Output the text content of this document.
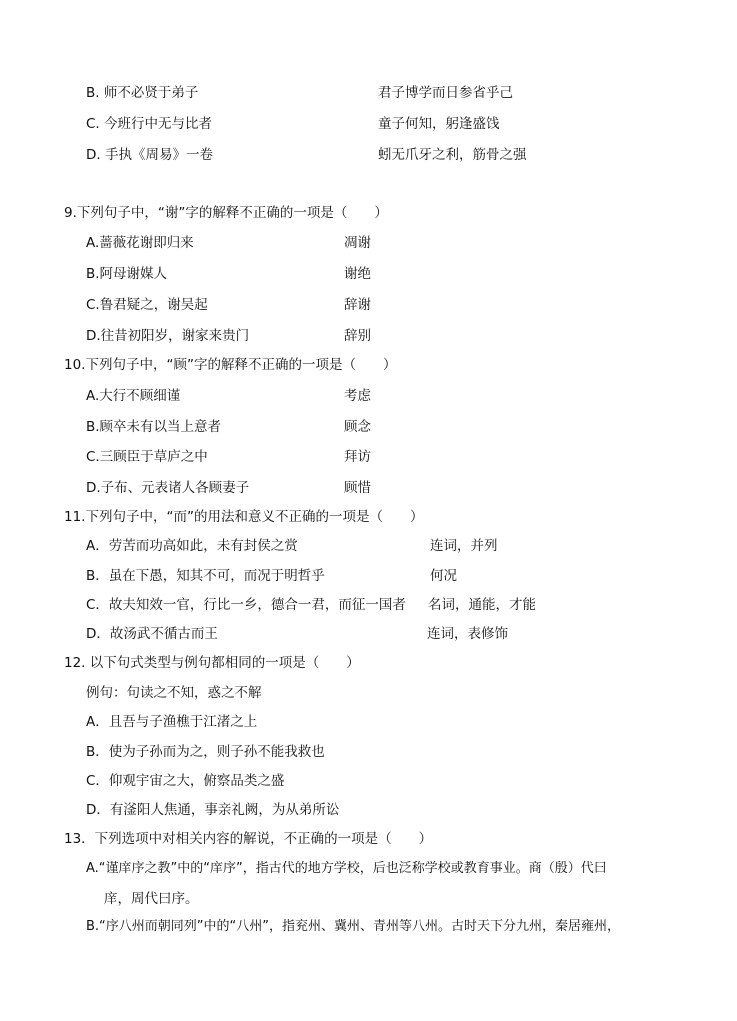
B. 师不必贤于弟子	君子博学而日参省乎己
C. 今班行中无与比者	童子何知，躬逢盛饯
D. 手执《周易》一卷	蚓无爪牙之利，筋骨之强
9.下列句子中，“谢”字的解释不正确的一项是（　　）
A.蔷薇花谢即归来	凋谢
B.阿母谢媒人	谢绝
C.鲁君疑之，谢吴起	辞谢
D.往昔初阳岁，谢家来贵门	辞别
10.下列句子中，“顾”字的解释不正确的一项是（　　）
A.大行不顾细谨	考虑
B.顾卒未有以当上意者	顾念
C.三顾臣于草庐之中	拜访
D.子布、元表诸人各顾妻子	顾惜
11.下列句子中，“而”的用法和意义不正确的一项是（　　）
A．劳苦而功高如此，未有封侯之赏	连词，并列
B．虽在下愚，知其不可，而况于明哲乎	何况
C．故夫知效一官，行比一乡，德合一君，而征一国者 名词，通能，才能
D．故汤武不循古而王	连词，表修饰
12. 以下句式类型与例句都相同的一项是（　　）
例句：句读之不知，惑之不解
A．且吾与子渔樵于江渚之上
B．使为子孙而为之，则子孙不能我救也
C．仰观宇宙之大，俯察品类之盛
D．有滏阳人焦通，事亲礼阙，为从弟所讼
13．下列选项中对相关内容的解说，不正确的一项是（　　）
A.“谨庠序之教”中的“庠序”，指古代的地方学校，后也泛称学校或教育事业。商（殷）代曰
庠，周代曰序。
B.“序八州而朝同列”中的“八州”，指兖州、冀州、青州等八州。古时天下分九州，秦居雍州，
